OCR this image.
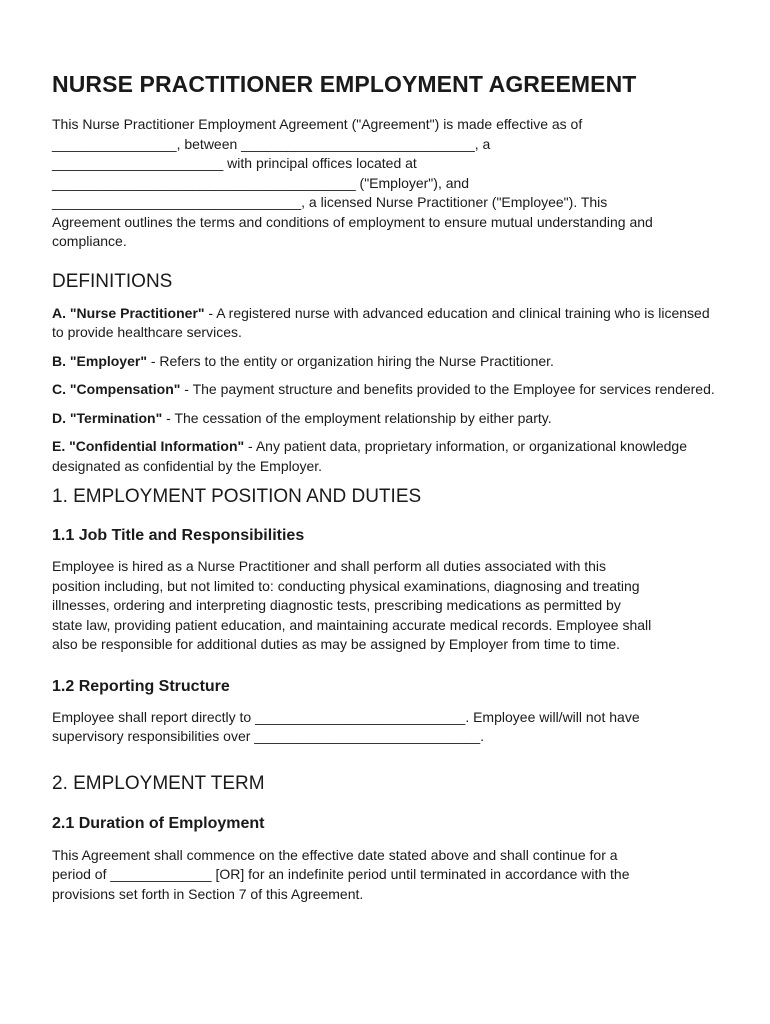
NURSE PRACTITIONER EMPLOYMENT AGREEMENT

This Nurse Practitioner Employment Agreement ("Agreement") is made effective as of
________________, between ______________________________, a
______________________ with principal offices located at
_______________________________________ ("Employer"), and
________________________________, a licensed Nurse Practitioner ("Employee"). This
Agreement outlines the terms and conditions of employment to ensure mutual understanding and
compliance.

DEFINITIONS

A. "Nurse Practitioner" - A registered nurse with advanced education and clinical training who is licensed to provide healthcare services.

B. "Employer" - Refers to the entity or organization hiring the Nurse Practitioner.

C. "Compensation" - The payment structure and benefits provided to the Employee for services rendered.

D. "Termination" - The cessation of the employment relationship by either party.

E. "Confidential Information" - Any patient data, proprietary information, or organizational knowledge designated as confidential by the Employer.

1. EMPLOYMENT POSITION AND DUTIES
1.1 Job Title and Responsibilities

Employee is hired as a Nurse Practitioner and shall perform all duties associated with this
position including, but not limited to: conducting physical examinations, diagnosing and treating
illnesses, ordering and interpreting diagnostic tests, prescribing medications as permitted by
state law, providing patient education, and maintaining accurate medical records. Employee shall
also be responsible for additional duties as may be assigned by Employer from time to time.

1.2 Reporting Structure

Employee shall report directly to ___________________________. Employee will/will not have
supervisory responsibilities over _____________________________.

2. EMPLOYMENT TERM
2.1 Duration of Employment

This Agreement shall commence on the effective date stated above and shall continue for a
period of _____________ [OR] for an indefinite period until terminated in accordance with the
provisions set forth in Section 7 of this Agreement.
